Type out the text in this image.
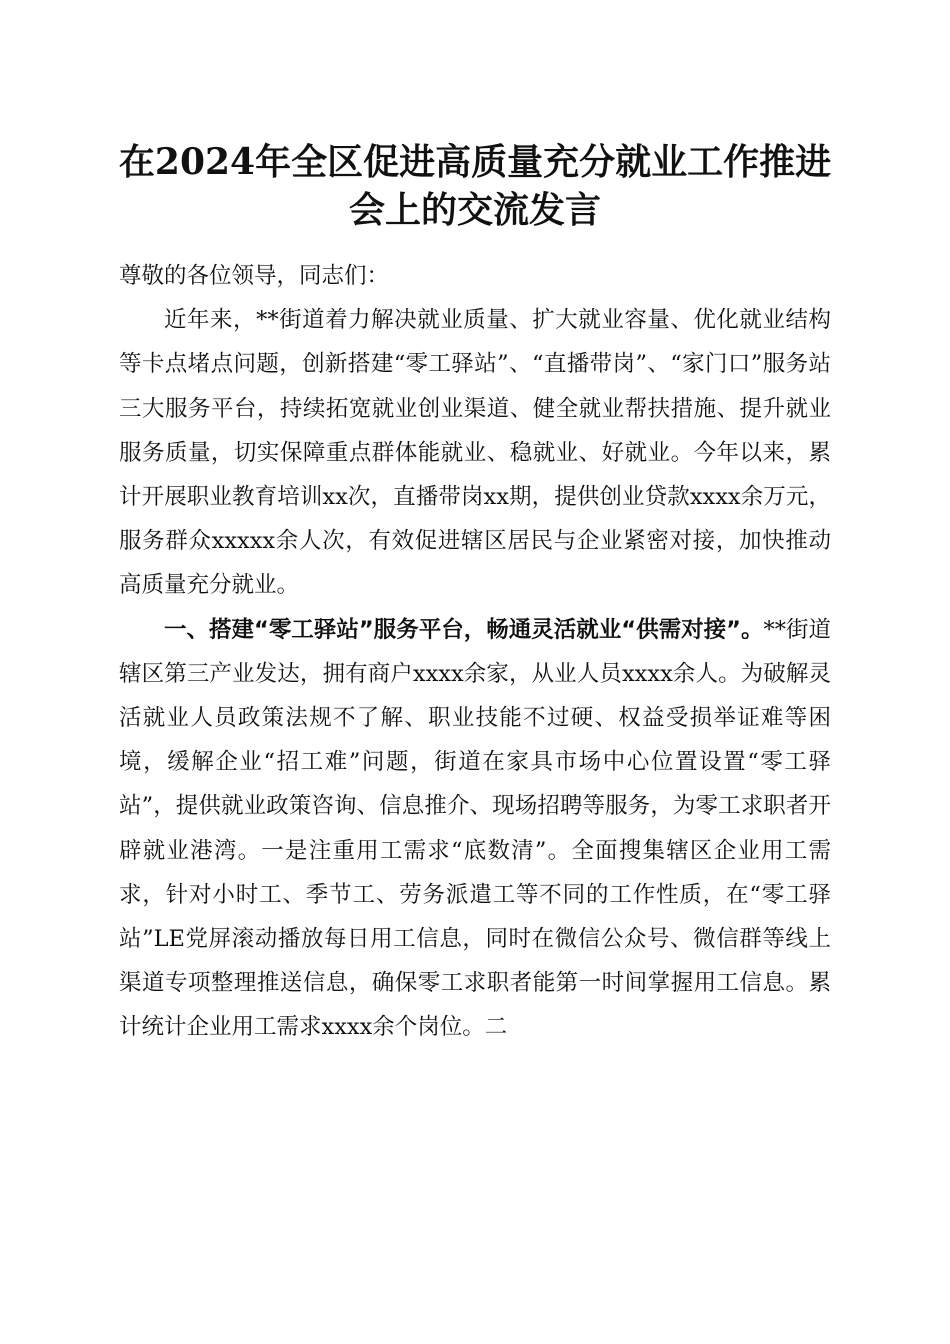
在2024年全区促进高质量充分就业工作推进
会上的交流发言

尊敬的各位领导，同志们：

近年来，**街道着力解决就业质量、扩大就业容量、优化就业结构等卡点堵点问题，创新搭建“零工驿站”、“直播带岗”、“家门口”服务站三大服务平台，持续拓宽就业创业渠道、健全就业帮扶措施、提升就业服务质量，切实保障重点群体能就业、稳就业、好就业。今年以来，累计开展职业教育培训xx次，直播带岗xx期，提供创业贷款xxxx余万元，服务群众xxxxx余人次，有效促进辖区居民与企业紧密对接，加快推动高质量充分就业。

一、搭建“零工驿站”服务平台，畅通灵活就业“供需对接”。**街道辖区第三产业发达，拥有商户xxxx余家，从业人员xxxx余人。为破解灵活就业人员政策法规不了解、职业技能不过硬、权益受损举证难等困境，缓解企业“招工难”问题，街道在家具市场中心位置设置“零工驿站”，提供就业政策咨询、信息推介、现场招聘等服务，为零工求职者开辟就业港湾。一是注重用工需求“底数清”。全面搜集辖区企业用工需求，针对小时工、季节工、劳务派遣工等不同的工作性质，在“零工驿站”LE党屏滚动播放每日用工信息，同时在微信公众号、微信群等线上渠道专项整理推送信息，确保零工求职者能第一时间掌握用工信息。累计统计企业用工需求xxxx余个岗位。二
